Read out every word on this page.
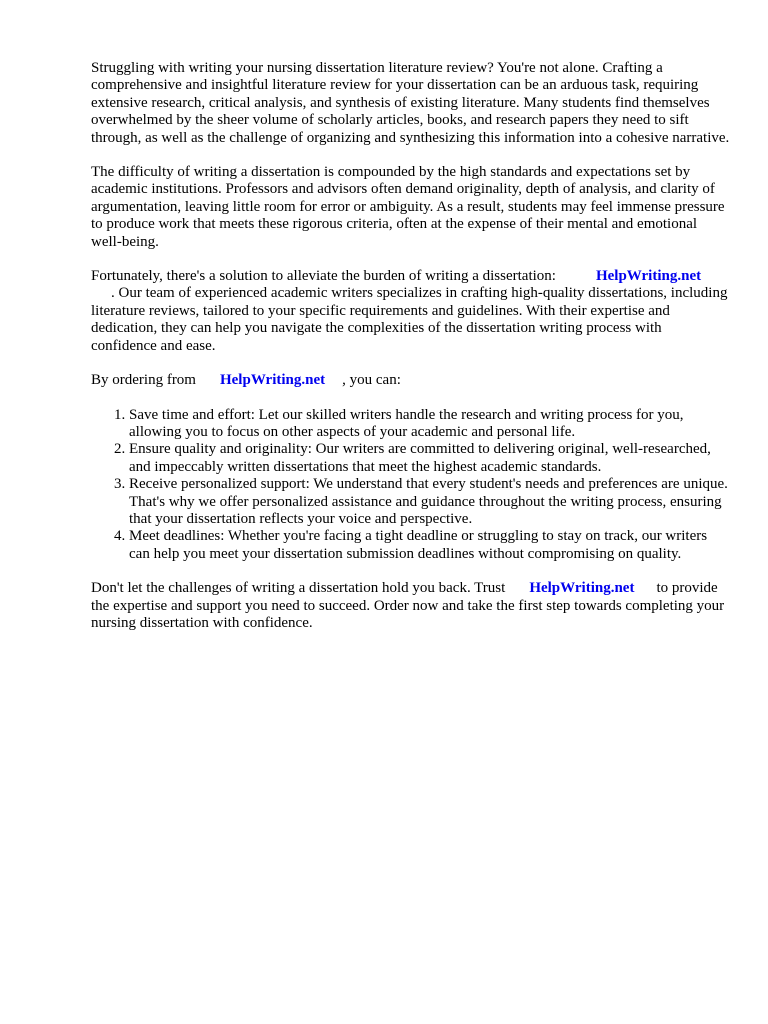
Struggling with writing your nursing dissertation literature review? You're not alone. Crafting a comprehensive and insightful literature review for your dissertation can be an arduous task, requiring extensive research, critical analysis, and synthesis of existing literature. Many students find themselves overwhelmed by the sheer volume of scholarly articles, books, and research papers they need to sift through, as well as the challenge of organizing and synthesizing this information into a cohesive narrative.

The difficulty of writing a dissertation is compounded by the high standards and expectations set by academic institutions. Professors and advisors often demand originality, depth of analysis, and clarity of argumentation, leaving little room for error or ambiguity. As a result, students may feel immense pressure to produce work that meets these rigorous criteria, often at the expense of their mental and emotional well-being.

Fortunately, there's a solution to alleviate the burden of writing a dissertation:	HelpWriting.net
. Our team of experienced academic writers specializes in crafting high-quality dissertations, including literature reviews, tailored to your specific requirements and guidelines. With their expertise and dedication, they can help you navigate the complexities of the dissertation writing process with confidence and ease.

By ordering from HelpWriting.net , you can:

1. Save time and effort: Let our skilled writers handle the research and writing process for you, allowing you to focus on other aspects of your academic and personal life.
2. Ensure quality and originality: Our writers are committed to delivering original, well-researched, and impeccably written dissertations that meet the highest academic standards.
3. Receive personalized support: We understand that every student's needs and preferences are unique. That's why we offer personalized assistance and guidance throughout the writing process, ensuring that your dissertation reflects your voice and perspective.
4. Meet deadlines: Whether you're facing a tight deadline or struggling to stay on track, our writers can help you meet your dissertation submission deadlines without compromising on quality.

Don't let the challenges of writing a dissertation hold you back. Trust HelpWriting.net to provide the expertise and support you need to succeed. Order now and take the first step towards completing your nursing dissertation with confidence.
